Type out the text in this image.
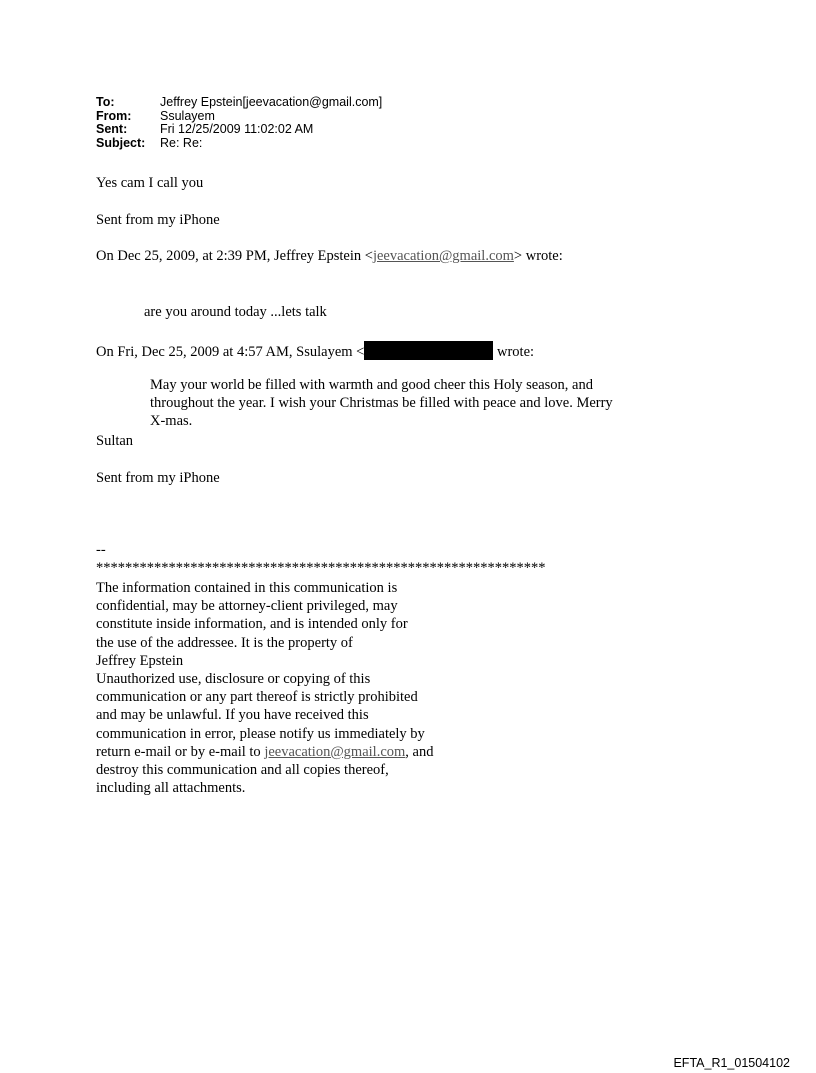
To:	Jeffrey Epstein[jeevacation@gmail.com]
From:	Ssulayem
Sent:	Fri 12/25/2009 11:02:02 AM
Subject:	Re: Re:
Yes cam I call you
Sent from my iPhone
On Dec 25, 2009, at 2:39 PM, Jeffrey Epstein <jeevacation@gmail.com> wrote:
are you around today ...lets talk
On Fri, Dec 25, 2009 at 4:57 AM, Ssulayem <	wrote:
May your world be filled with warmth and good cheer this Holy season, and
throughout the year. I wish your Christmas be filled with peace and love. Merry
X-mas.
Sultan
Sent from my iPhone
--
**************************************************************
The information contained in this communication is
confidential, may be attorney-client privileged, may
constitute inside information, and is intended only for
the use of the addressee. It is the property of
Jeffrey Epstein
Unauthorized use, disclosure or copying of this
communication or any part thereof is strictly prohibited
and may be unlawful. If you have received this
communication in error, please notify us immediately by
return e-mail or by e-mail to jeevacation@gmail.com, and
destroy this communication and all copies thereof,
including all attachments.
EFTA_R1_01504102
